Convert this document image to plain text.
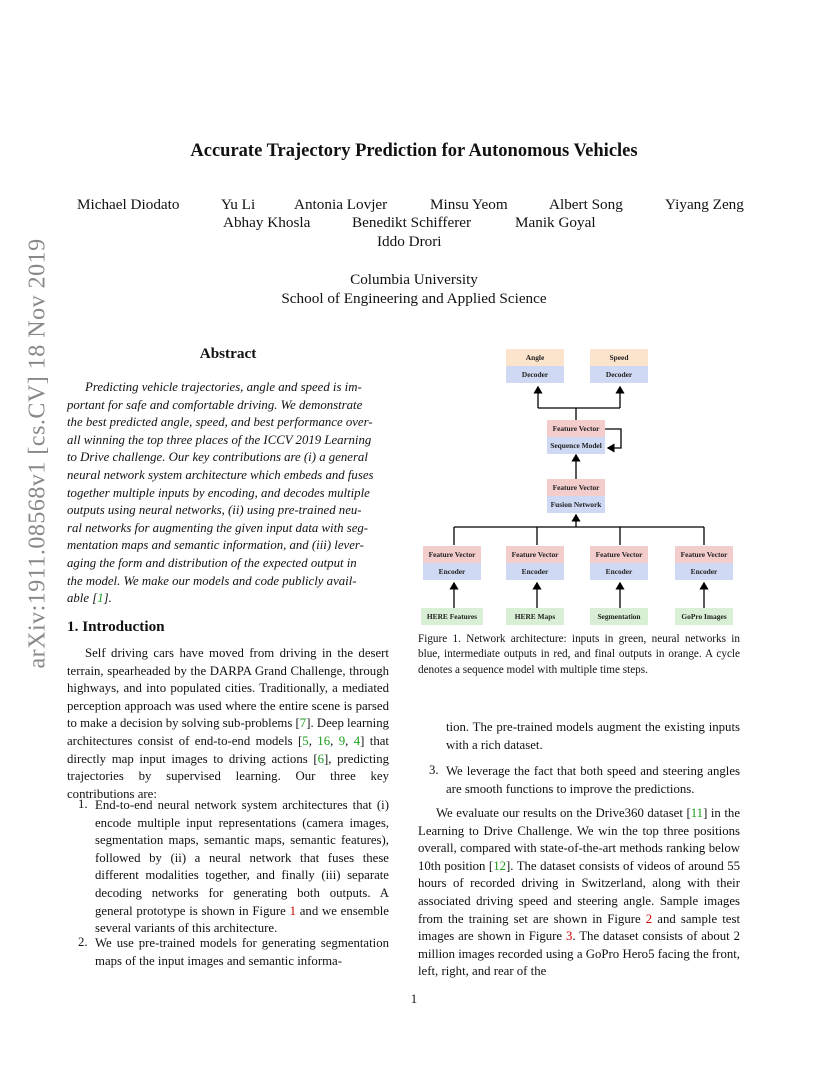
arXiv:1911.08568v1 [cs.CV] 18 Nov 2019
Accurate Trajectory Prediction for Autonomous Vehicles
Michael Diodato	Yu Li	Antonia Lovjer	Minsu Yeom	Albert Song	Yiyang Zeng
Abhay Khosla	Benedikt Schifferer	Manik Goyal
Iddo Drori
Columbia University
School of Engineering and Applied Science
Abstract
Predicting vehicle trajectories, angle and speed is im-
portant for safe and comfortable driving. We demonstrate
the best predicted angle, speed, and best performance over-
all winning the top three places of the ICCV 2019 Learning
to Drive challenge. Our key contributions are (i) a general
neural network system architecture which embeds and fuses
together multiple inputs by encoding, and decodes multiple
outputs using neural networks, (ii) using pre-trained neu-
ral networks for augmenting the given input data with seg-
mentation maps and semantic information, and (iii) lever-
aging the form and distribution of the expected output in
the model. We make our models and code publicly avail-
able [1].
1. Introduction
Self driving cars have moved from driving in the desert terrain, spearheaded by the DARPA Grand Challenge, through highways, and into populated cities. Traditionally, a mediated perception approach was used where the entire scene is parsed to make a decision by solving sub-problems [7]. Deep learning architectures consist of end-to-end models [5, 16, 9, 4] that directly map input images to driving actions [6], predicting trajectories by supervised learning. Our three key contributions are:
1. End-to-end neural network system architectures that (i) encode multiple input representations (camera images, segmentation maps, semantic maps, semantic features), followed by (ii) a neural network that fuses these different modalities together, and finally (iii) separate decoding networks for generating both outputs. A general prototype is shown in Figure 1 and we ensemble several variants of this architecture.
2. We use pre-trained models for generating segmentation maps of the input images and semantic informa-
tion. The pre-trained models augment the existing inputs with a rich dataset.
3. We leverage the fact that both speed and steering angles are smooth functions to improve the predictions.
We evaluate our results on the Drive360 dataset [11] in the Learning to Drive Challenge. We win the top three positions overall, compared with state-of-the-art methods ranking below 10th position [12]. The dataset consists of videos of around 55 hours of recorded driving in Switzerland, along with their associated driving speed and steering angle. Sample images from the training set are shown in Figure 2 and sample test images are shown in Figure 3. The dataset consists of about 2 million images recorded using a GoPro Hero5 facing the front, left, right, and rear of the
Angle
Decoder
Speed
Decoder
Feature Vector
Sequence Model
Feature Vector
Fusion Network
Feature Vector
Encoder
Feature Vector
Encoder
Feature Vector
Encoder
Feature Vector
Encoder
HERE Features	HERE Maps	Segmentation	GoPro Images
Figure 1. Network architecture: inputs in green, neural networks in blue, intermediate outputs in red, and final outputs in orange. A cycle denotes a sequence model with multiple time steps.
1
